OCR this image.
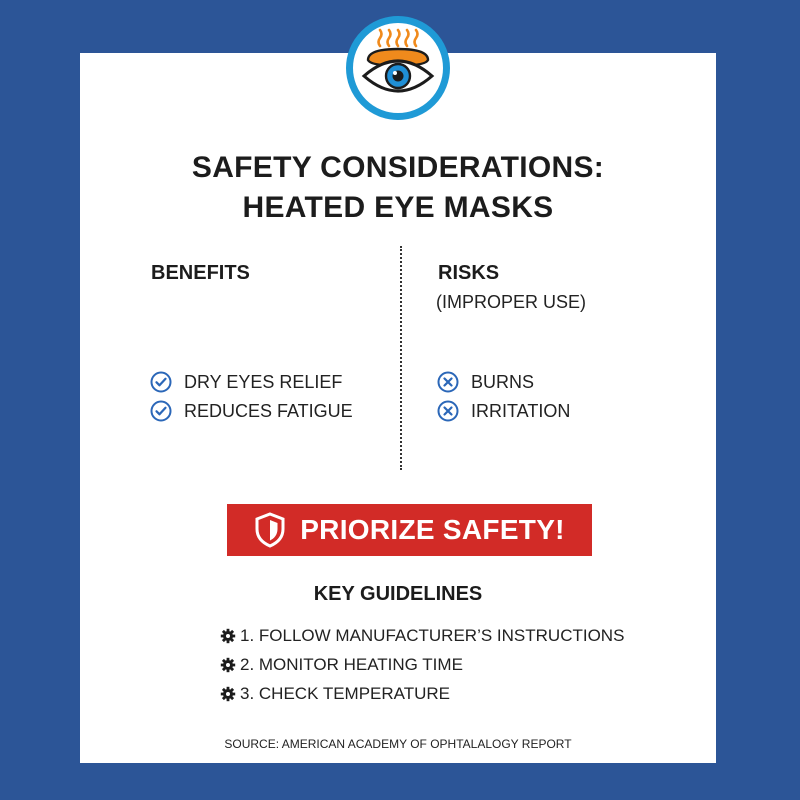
SAFETY CONSIDERATIONS:
HEATED EYE MASKS
BENEFITS	RISKS
(IMPROPER USE)
DRY EYES RELIEF
REDUCES FATIGUE
BURNS
IRRITATION
PRIORIZE SAFETY!
KEY GUIDELINES
1. FOLLOW MANUFACTURER’S INSTRUCTIONS
2. MONITOR HEATING TIME
3. CHECK TEMPERATURE
SOURCE: AMERICAN ACADEMY OF OPHTALALOGY REPORT
